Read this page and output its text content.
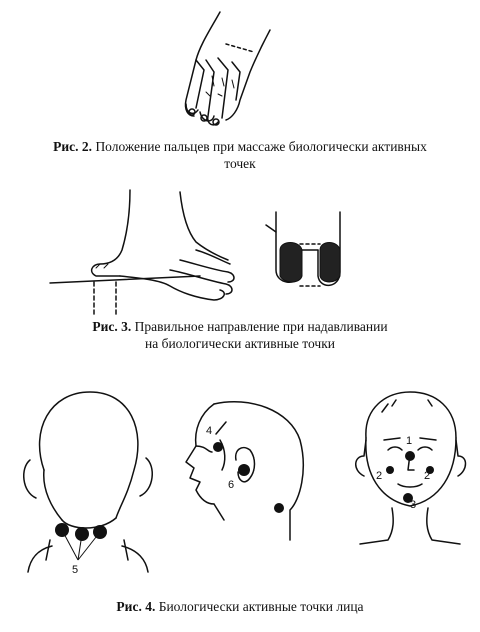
5
4
6
1
2	2
3
Рис. 2. Положение пальцев при массаже биологически активных
точек
Рис. 3. Правильное направление при надавливании
на биологически активные точки
Рис. 4. Биологически активные точки лица
